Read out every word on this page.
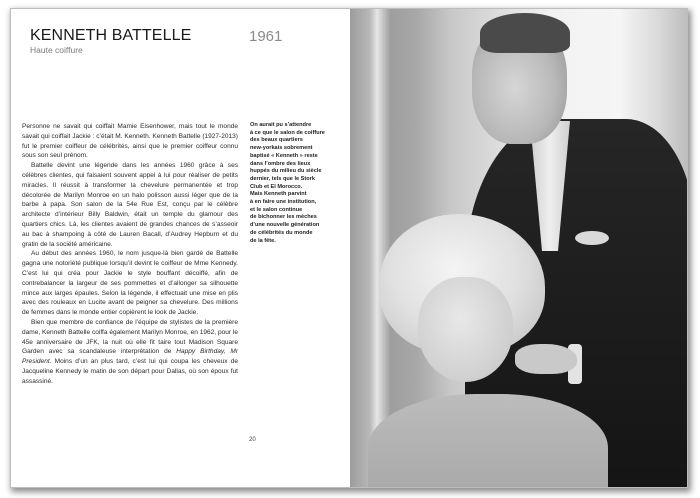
KENNETH BATTELLE
Haute coiffure
1961

Personne ne savait qui coiffait Mamie Eisenhower, mais tout le monde savait qui coiffait Jackie : c’était M. Kenneth. Kenneth Battelle (1927-2013) fut le premier coiffeur de célébrités, ainsi que le premier coiffeur connu sous son seul prénom.

Battelle devint une légende dans les années 1960 grâce à ses célèbres clientes, qui faisaient souvent appel à lui pour réaliser de petits miracles. Il réussit à transformer la chevelure permanentée et trop décolorée de Marilyn Monroe en un halo polisson aussi léger que de la barbe à papa. Son salon de la 54e Rue Est, conçu par le célèbre architecte d’intérieur Billy Baldwin, était un temple du glamour des quartiers chics. Là, les clientes avaient de grandes chances de s’asseoir au bac à shampoing à côté de Lauren Bacall, d’Audrey Hepburn et du gratin de la société américaine.

Au début des années 1960, le nom jusque-là bien gardé de Battelle gagna une notoriété publique lorsqu’il devint le coiffeur de Mme Kennedy. C’est lui qui créa pour Jackie le style bouffant décoiffé, afin de contrebalancer la largeur de ses pommettes et d’allonger sa silhouette mince aux larges épaules. Selon la légende, il effectuait une mise en plis avec des rouleaux en Lucite avant de peigner sa chevelure. Des millions de femmes dans le monde entier copièrent le look de Jackie.

Bien que membre de confiance de l’équipe de stylistes de la première dame, Kenneth Battelle coiffa également Marilyn Monroe, en 1962, pour le 45e anniversaire de JFK, la nuit où elle fit taire tout Madison Square Garden avec sa scandaleuse interprétation de Happy Birthday, Mr President. Moins d’un an plus tard, c’est lui qui coupa les cheveux de Jacqueline Kennedy le matin de son départ pour Dallas, où son époux fut assassiné.

On aurait pu s’attendre
à ce que le salon de coiffure
des beaux quartiers
new-yorkais sobrement
baptisé « Kenneth » reste
dans l’ombre des lieux
huppés du milieu du siècle
dernier, tels que le Stork
Club et El Morocco.
Mais Kenneth parvint
à en faire une institution,
et le salon continue
de bichonner les mèches
d’une nouvelle génération
de célébrités du monde
de la fête.
20
